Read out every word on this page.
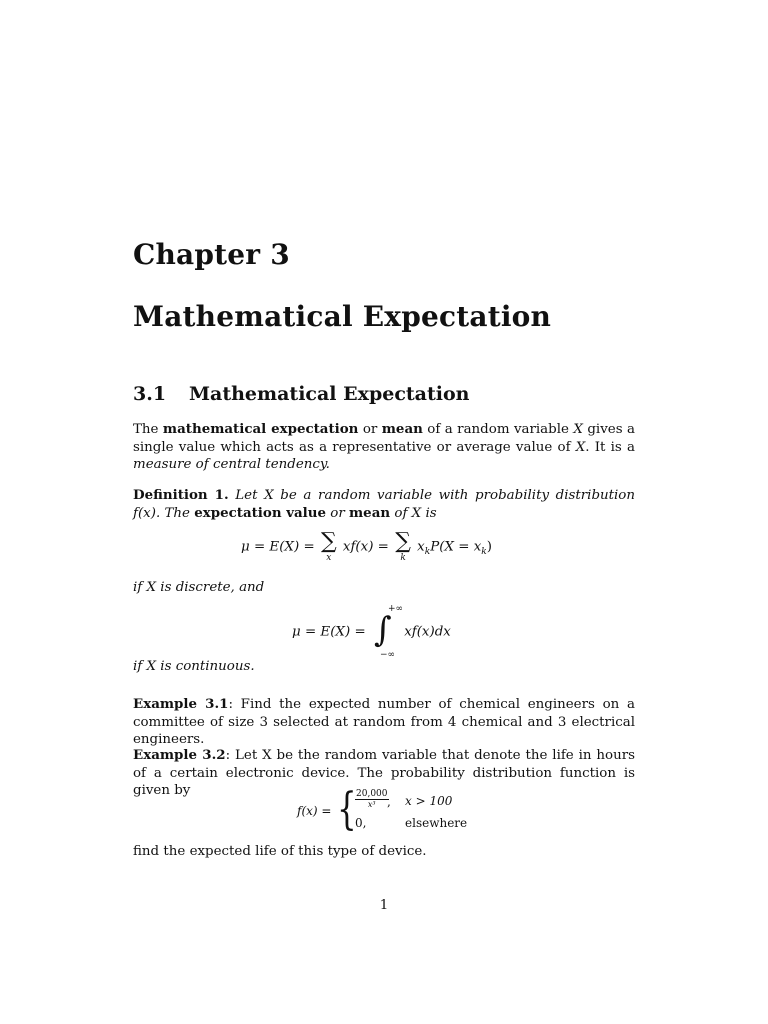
Chapter 3
Mathematical Expectation
3.1 Mathematical Expectation
The mathematical expectation or mean of a random variable X gives a single value which acts as a representative or average value of X. It is a measure of central tendency.
Definition 1. Let X be a random variable with probability distribution f(x). The expectation value or mean of X is
μ = E(X) = ∑
x
xf(x) = ∑
k
$x_kP(X = x_k)$
if X is discrete, and
μ = E(X) = ∫
+∞
−∞
xf(x)dx
if X is continuous.
Example 3.1: Find the expected number of chemical engineers on a committee of size 3 selected at random from 4 chemical and 3 electrical engineers.
Example 3.2: Let X be the random variable that denote the life in hours of a certain electronic device. The probability distribution function is given by
f(x) = {
$\frac{20,000}{\text{x³}}$
, x > 100
0,	elsewhere
find the expected life of this type of device.
1
